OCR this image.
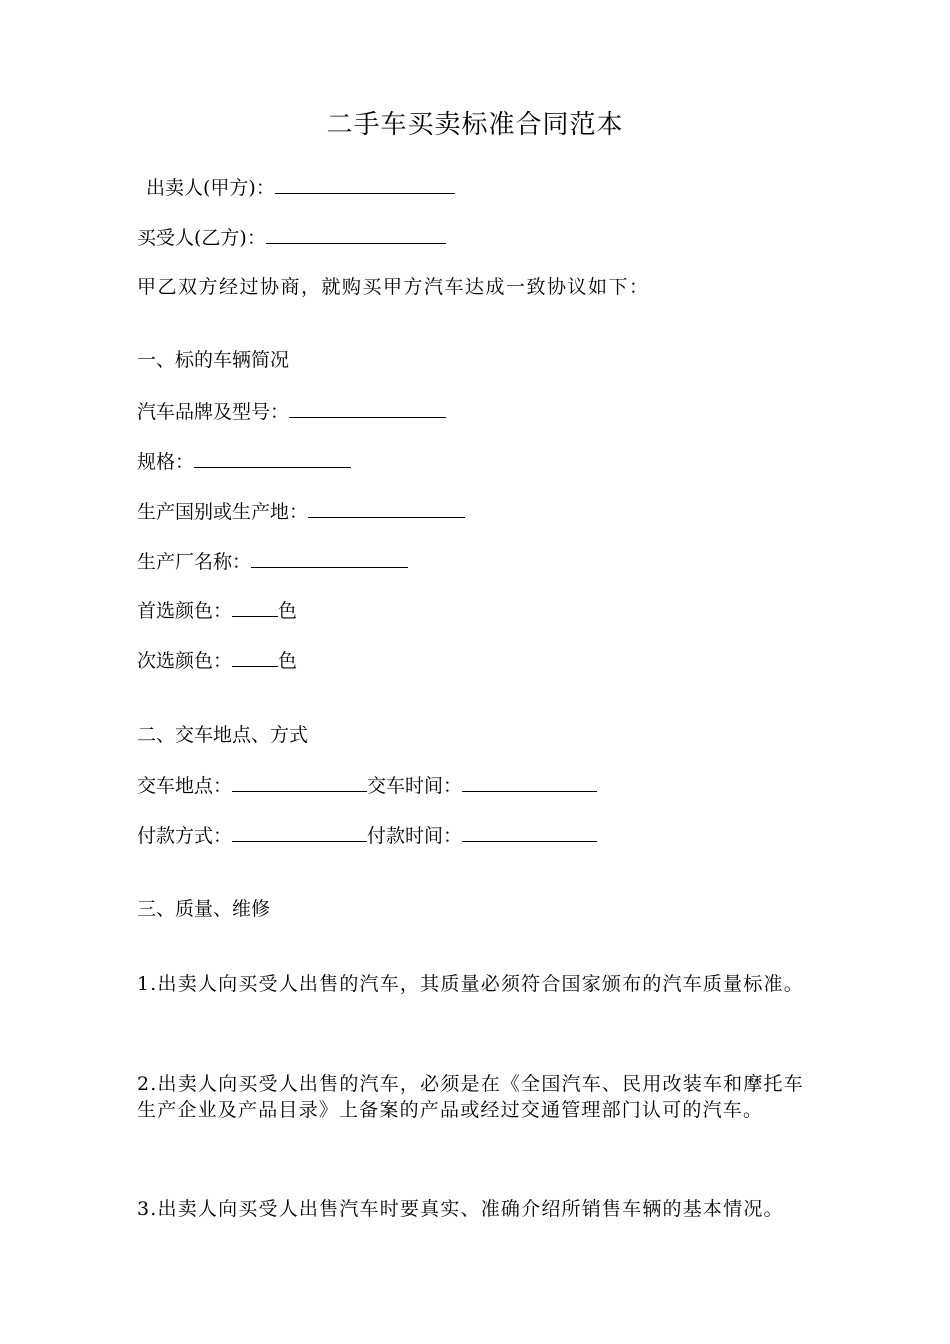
二手车买卖标准合同范本
出卖人(甲方)：
买受人(乙方)：
甲乙双方经过协商，就购买甲方汽车达成一致协议如下：
一、标的车辆简况
汽车品牌及型号：
规格：
生产国别或生产地：
生产厂名称：
首选颜色： 色
次选颜色： 色
二、交车地点、方式
交车地点：	交车时间：
付款方式：	付款时间：
三、质量、维修
1.出卖人向买受人出售的汽车，其质量必须符合国家颁布的汽车质量标准。
2.出卖人向买受人出售的汽车，必须是在《全国汽车、民用改装车和摩托车生产企业及产品目录》上备案的产品或经过交通管理部门认可的汽车。
3.出卖人向买受人出售汽车时要真实、准确介绍所销售车辆的基本情况。
